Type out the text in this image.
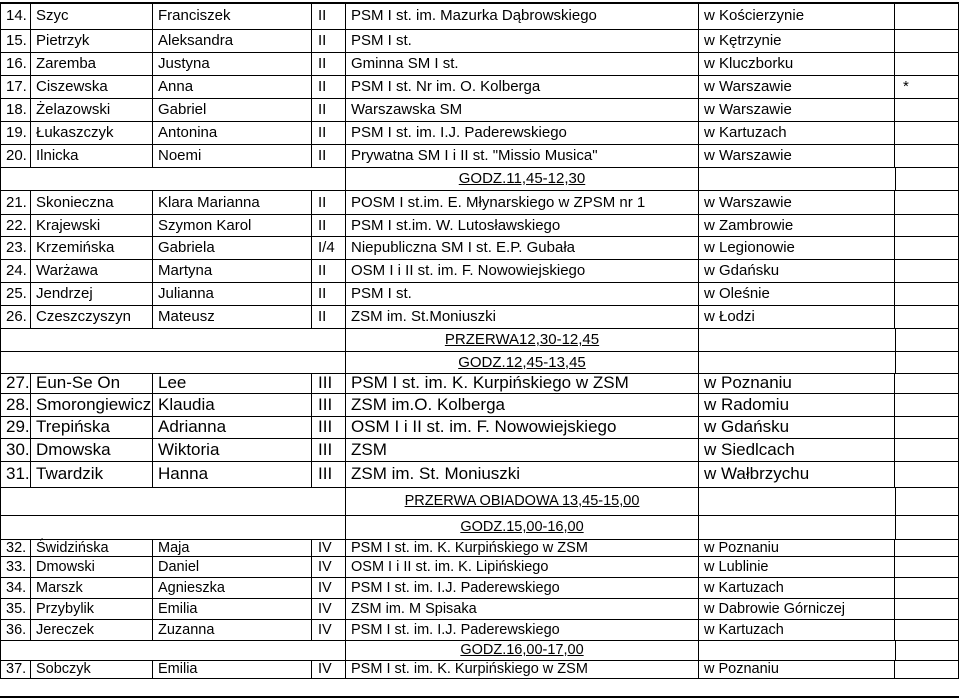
14. Szyc	Franciszek	II	PSM I st. im. Mazurka Dąbrowskiego	w Kościerzynie
15. Pietrzyk	Aleksandra	II	PSM I st.	w Kętrzynie
16. Zaremba	Justyna	II	Gminna SM I st.	w Kluczborku
17. Ciszewska	Anna	II	PSM I st. Nr im. O. Kolberga	w Warszawie	*
18. Żelazowski	Gabriel	II	Warszawska SM	w Warszawie
19. Łukaszczyk	Antonina	II	PSM I st. im. I.J. Paderewskiego	w Kartuzach
20. Ilnicka	Noemi	II	Prywatna SM I i II st. "Missio Musica"	w Warszawie
GODZ.11,45-12,30
21. Skonieczna	Klara Marianna	II	POSM I st.im. E. Młynarskiego w ZPSM nr 1	w Warszawie
22. Krajewski	Szymon Karol	II	PSM I st.im. W. Lutosławskiego	w Zambrowie
23. Krzemińska	Gabriela	I/4	Niepubliczna SM I st. E.P. Gubała	w Legionowie
24. Warżawa	Martyna	II	OSM I i II st. im. F. Nowowiejskiego	w Gdańsku
25. Jendrzej	Julianna	II	PSM I st.	w Oleśnie
26. Czeszczyszyn	Mateusz	II	ZSM im. St.Moniuszki	w Łodzi
PRZERWA12,30-12,45
GODZ.12,45-13,45
27. Eun-Se On	Lee	III	PSM I st. im. K. Kurpińskiego w ZSM	w Poznaniu
28. Smorongiewicz Klaudia	III	ZSM im.O. Kolberga	w Radomiu
29. Trepińska	Adrianna	III	OSM I i II st. im. F. Nowowiejskiego	w Gdańsku
30. Dmowska	Wiktoria	III	ZSM	w Siedlcach
31. Twardzik	Hanna	III	ZSM im. St. Moniuszki	w Wałbrzychu
PRZERWA OBIADOWA 13,45-15,00
GODZ.15,00-16,00
32. Świdzińska	Maja	IV	PSM I st. im. K. Kurpińskiego w ZSM	w Poznaniu
33. Dmowski	Daniel	IV	OSM I i II st. im. K. Lipińskiego	w Lublinie
34. Marszk	Agnieszka	IV	PSM I st. im. I.J. Paderewskiego	w Kartuzach
35. Przybylik	Emilia	IV	ZSM im. M Spisaka	w Dabrowie Górniczej
36. Jereczek	Zuzanna	IV	PSM I st. im. I.J. Paderewskiego	w Kartuzach
GODZ.16,00-17,00
37. Sobczyk	Emilia	IV	PSM I st. im. K. Kurpińskiego w ZSM	w Poznaniu
